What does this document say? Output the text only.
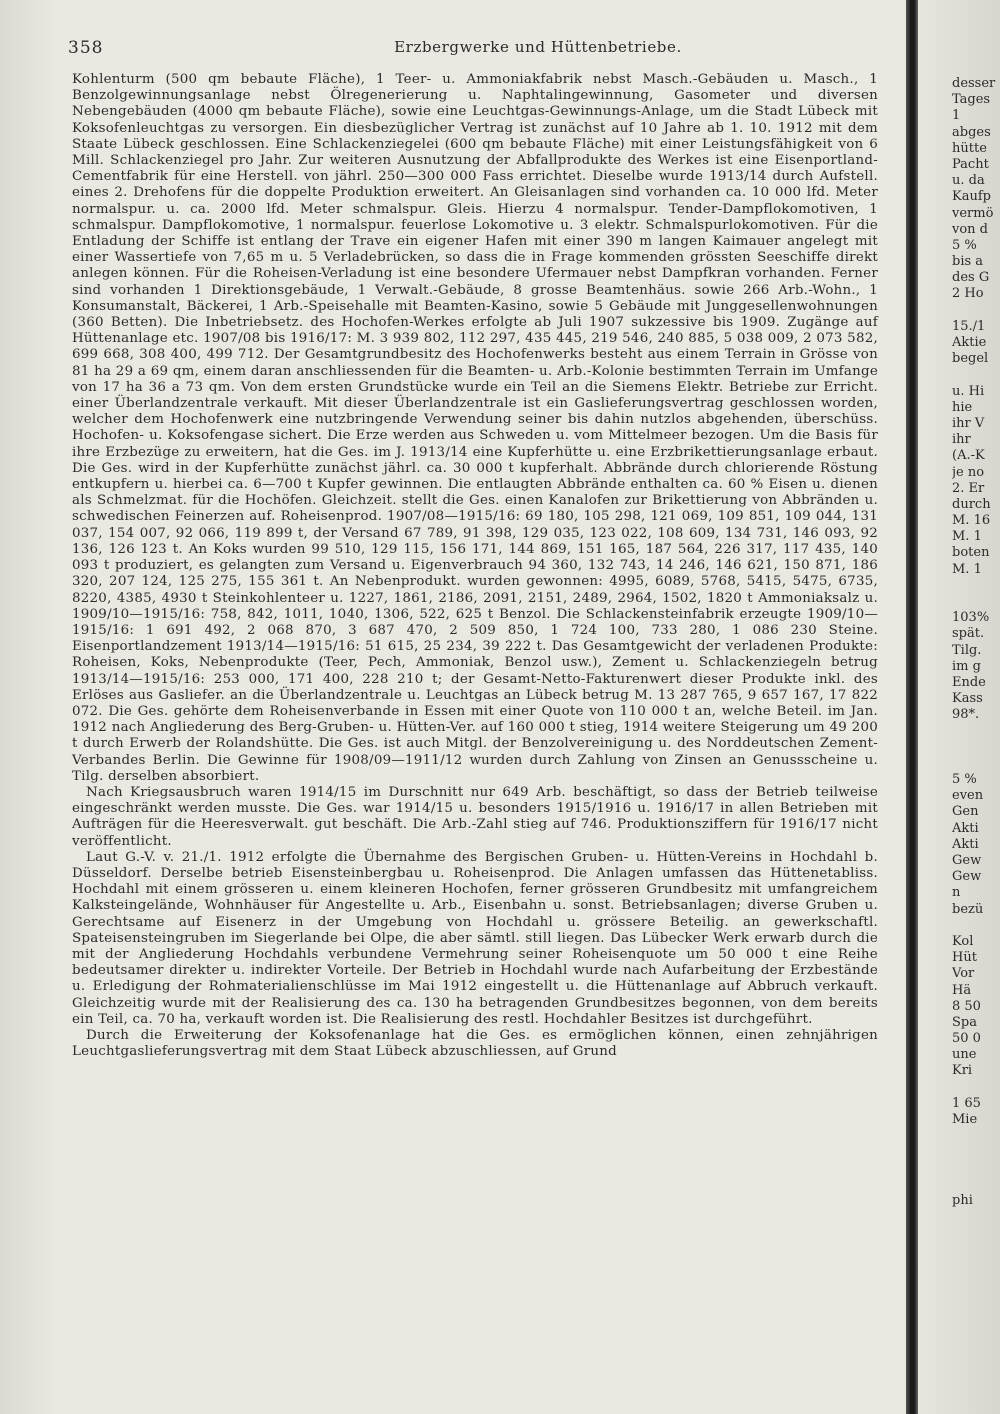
358	Erzbergwerke und Hüttenbetriebe.

Kohlenturm (500 qm bebaute Fläche), 1 Teer- u. Ammoniakfabrik nebst Masch.-Gebäuden u. Masch., 1 Benzolgewinnungsanlage nebst Ölregenerierung u. Naphtalingewinnung, Gasometer und diversen Nebengebäuden (4000 qm bebaute Fläche), sowie eine Leuchtgas-Gewinnungs-Anlage, um die Stadt Lübeck mit Koksofenleuchtgas zu versorgen. Ein diesbezüglicher Vertrag ist zunächst auf 10 Jahre ab 1. 10. 1912 mit dem Staate Lübeck geschlossen. Eine Schlackenziegelei (600 qm bebaute Fläche) mit einer Leistungsfähigkeit von 6 Mill. Schlackenziegel pro Jahr. Zur weiteren Ausnutzung der Abfallprodukte des Werkes ist eine Eisenportland-Cementfabrik für eine Herstell. von jährl. 250—300 000 Fass errichtet. Dieselbe wurde 1913/14 durch Aufstell. eines 2. Drehofens für die doppelte Produktion erweitert. An Gleisanlagen sind vorhanden ca. 10 000 lfd. Meter normalspur. u. ca. 2000 lfd. Meter schmalspur. Gleis. Hierzu 4 normalspur. Tender-Dampflokomotiven, 1 schmalspur. Dampflokomotive, 1 normalspur. feuerlose Lokomotive u. 3 elektr. Schmalspurlokomotiven. Für die Entladung der Schiffe ist entlang der Trave ein eigener Hafen mit einer 390 m langen Kaimauer angelegt mit einer Wassertiefe von 7,65 m u. 5 Verladebrücken, so dass die in Frage kommenden grössten Seeschiffe direkt anlegen können. Für die Roheisen-Verladung ist eine besondere Ufermauer nebst Dampfkran vorhanden. Ferner sind vorhanden 1 Direktionsgebäude, 1 Verwalt.-Gebäude, 8 grosse Beamtenhäus. sowie 266 Arb.-Wohn., 1 Konsumanstalt, Bäckerei, 1 Arb.-Speisehalle mit Beamten-Kasino, sowie 5 Gebäude mit Junggesellenwohnungen (360 Betten). Die Inbetriebsetz. des Hochofen-Werkes erfolgte ab Juli 1907 sukzessive bis 1909. Zugänge auf Hüttenanlage etc. 1907/08 bis 1916/17: M. 3 939 802, 112 297, 435 445, 219 546, 240 885, 5 038 009, 2 073 582, 699 668, 308 400, 499 712. Der Gesamtgrundbesitz des Hochofenwerks besteht aus einem Terrain in Grösse von 81 ha 29 a 69 qm, einem daran anschliessenden für die Beamten- u. Arb.-Kolonie bestimmten Terrain im Umfange von 17 ha 36 a 73 qm. Von dem ersten Grundstücke wurde ein Teil an die Siemens Elektr. Betriebe zur Erricht. einer Überlandzentrale verkauft. Mit dieser Überlandzentrale ist ein Gaslieferungsvertrag geschlossen worden, welcher dem Hochofenwerk eine nutzbringende Verwendung seiner bis dahin nutzlos abgehenden, überschüss. Hochofen- u. Koksofengase sichert. Die Erze werden aus Schweden u. vom Mittelmeer bezogen. Um die Basis für ihre Erzbezüge zu erweitern, hat die Ges. im J. 1913/14 eine Kupferhütte u. eine Erzbrikettierungsanlage erbaut. Die Ges. wird in der Kupferhütte zunächst jährl. ca. 30 000 t kupferhalt. Abbrände durch chlorierende Röstung entkupfern u. hierbei ca. 6—700 t Kupfer gewinnen. Die entlaugten Abbrände enthalten ca. 60 % Eisen u. dienen als Schmelzmat. für die Hochöfen. Gleichzeit. stellt die Ges. einen Kanalofen zur Brikettierung von Abbränden u. schwedischen Feinerzen auf. Roheisenprod. 1907/08—1915/16: 69 180, 105 298, 121 069, 109 851, 109 044, 131 037, 154 007, 92 066, 119 899 t, der Versand 67 789, 91 398, 129 035, 123 022, 108 609, 134 731, 146 093, 92 136, 126 123 t. An Koks wurden 99 510, 129 115, 156 171, 144 869, 151 165, 187 564, 226 317, 117 435, 140 093 t produziert, es gelangten zum Versand u. Eigenverbrauch 94 360, 132 743, 14 246, 146 621, 150 871, 186 320, 207 124, 125 275, 155 361 t. An Nebenprodukt. wurden gewonnen: 4995, 6089, 5768, 5415, 5475, 6735, 8220, 4385, 4930 t Steinkohlenteer u. 1227, 1861, 2186, 2091, 2151, 2489, 2964, 1502, 1820 t Ammoniaksalz u. 1909/10—1915/16: 758, 842, 1011, 1040, 1306, 522, 625 t Benzol. Die Schlackensteinfabrik erzeugte 1909/10—1915/16: 1 691 492, 2 068 870, 3 687 470, 2 509 850, 1 724 100, 733 280, 1 086 230 Steine. Eisenportlandzement 1913/14—1915/16: 51 615, 25 234, 39 222 t. Das Gesamtgewicht der verladenen Produkte: Roheisen, Koks, Nebenprodukte (Teer, Pech, Ammoniak, Benzol usw.), Zement u. Schlackenziegeln betrug 1913/14—1915/16: 253 000, 171 400, 228 210 t; der Gesamt-Netto-Fakturenwert dieser Produkte inkl. des Erlöses aus Gasliefer. an die Überlandzentrale u. Leuchtgas an Lübeck betrug M. 13 287 765, 9 657 167, 17 822 072. Die Ges. gehörte dem Roheisenverbande in Essen mit einer Quote von 110 000 t an, welche Beteil. im Jan. 1912 nach Angliederung des Berg-Gruben- u. Hütten-Ver. auf 160 000 t stieg, 1914 weitere Steigerung um 49 200 t durch Erwerb der Rolandshütte. Die Ges. ist auch Mitgl. der Benzolvereinigung u. des Norddeutschen Zement-Verbandes Berlin. Die Gewinne für 1908/09—1911/12 wurden durch Zahlung von Zinsen an Genussscheine u. Tilg. derselben absorbiert.

Nach Kriegsausbruch waren 1914/15 im Durschnitt nur 649 Arb. beschäftigt, so dass der Betrieb teilweise eingeschränkt werden musste. Die Ges. war 1914/15 u. besonders 1915/1916 u. 1916/17 in allen Betrieben mit Aufträgen für die Heeresverwalt. gut beschäft. Die Arb.-Zahl stieg auf 746. Produktionsziffern für 1916/17 nicht veröffentlicht.

Laut G.-V. v. 21./1. 1912 erfolgte die Übernahme des Bergischen Gruben- u. Hütten-Vereins in Hochdahl b. Düsseldorf. Derselbe betrieb Eisensteinbergbau u. Roheisenprod. Die Anlagen umfassen das Hüttenetabliss. Hochdahl mit einem grösseren u. einem kleineren Hochofen, ferner grösseren Grundbesitz mit umfangreichem Kalksteingelände, Wohnhäuser für Angestellte u. Arb., Eisenbahn u. sonst. Betriebsanlagen; diverse Gruben u. Gerechtsame auf Eisenerz in der Umgebung von Hochdahl u. grössere Beteilig. an gewerkschaftl. Spateisensteingruben im Siegerlande bei Olpe, die aber sämtl. still liegen. Das Lübecker Werk erwarb durch die mit der Angliederung Hochdahls verbundene Vermehrung seiner Roheisenquote um 50 000 t eine Reihe bedeutsamer direkter u. indirekter Vorteile. Der Betrieb in Hochdahl wurde nach Aufarbeitung der Erzbestände u. Erledigung der Rohmaterialienschlüsse im Mai 1912 eingestellt u. die Hüttenanlage auf Abbruch verkauft. Gleichzeitig wurde mit der Realisierung des ca. 130 ha betragenden Grundbesitzes begonnen, von dem bereits ein Teil, ca. 70 ha, verkauft worden ist. Die Realisierung des restl. Hochdahler Besitzes ist durchgeführt.

Durch die Erweiterung der Koksofenanlage hat die Ges. es ermöglichen können, einen zehnjährigen Leuchtgaslieferungsvertrag mit dem Staat Lübeck abzuschliessen, auf Grund

desser
Tages
1
abges
hütte
Pacht
u. da
Kaufp
vermö
von d
5 %
bis a
des G
2 Ho
15./1
Aktie
begel
u. Hi
hie
ihr V
ihr
(A.-K
je no
2. Er
durch
M. 16
M. 1
boten
M. 1
103%
spät.
Tilg.
im g
Ende
Kass
98*.
5 %
even
Gen
Akti
Akti
Gew
Gew
n
bezü
Kol
Hüt
Vor
Hä
8 50
Spa
50 0
une
Kri
1 65
Mie
phi
